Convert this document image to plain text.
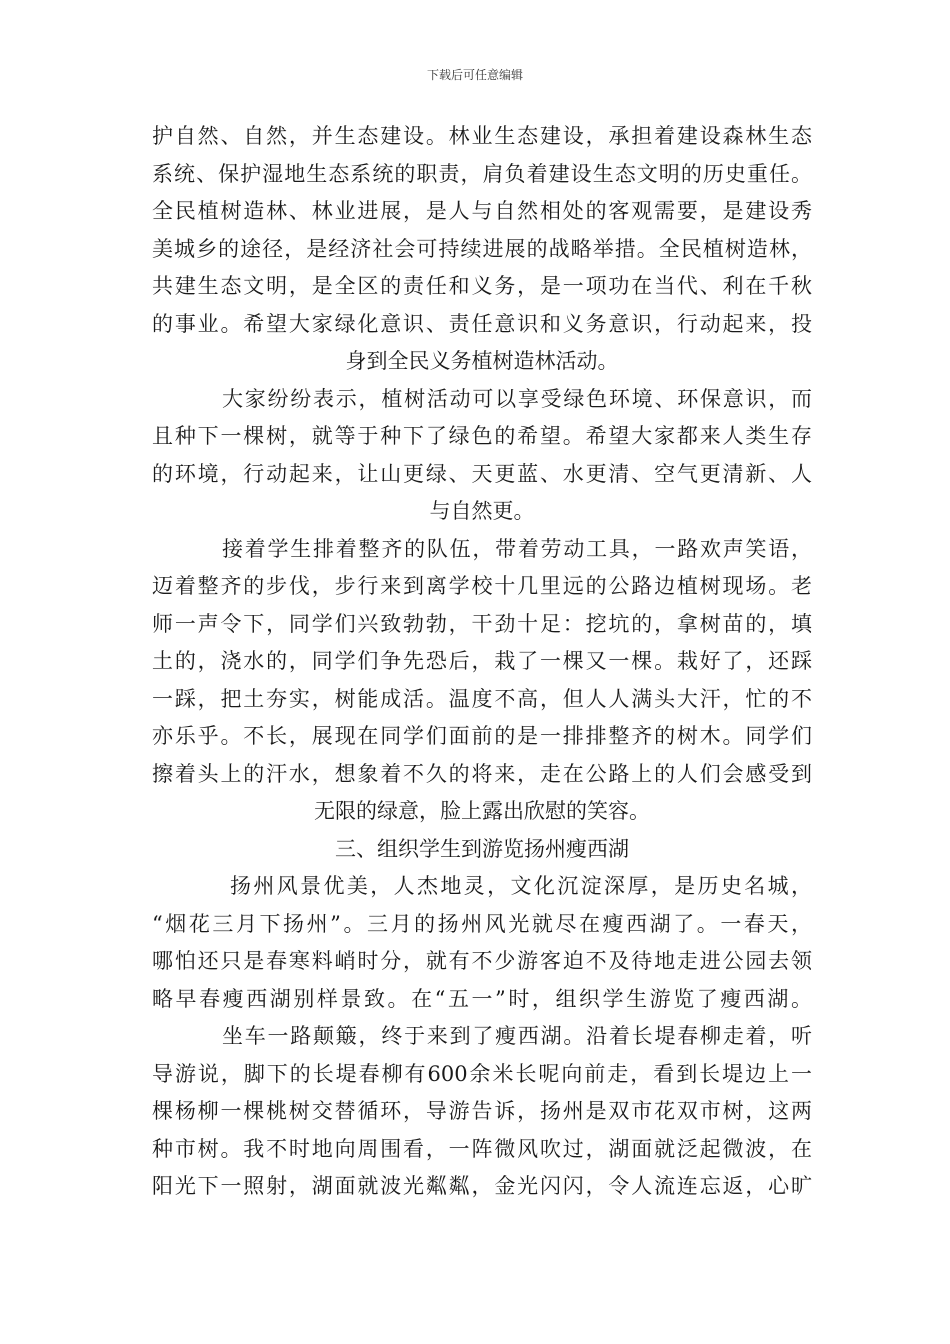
下载后可任意编辑
护自然、自然，并生态建设。林业生态建设，承担着建设森林生态
系统、保护湿地生态系统的职责，肩负着建设生态文明的历史重任。
全民植树造林、林业进展，是人与自然相处的客观需要，是建设秀
美城乡的途径，是经济社会可持续进展的战略举措。全民植树造林，
共建生态文明，是全区的责任和义务，是一项功在当代、利在千秋
的事业。希望大家绿化意识、责任意识和义务意识，行动起来，投
身到全民义务植树造林活动。
大家纷纷表示，植树活动可以享受绿色环境、环保意识，而
且种下一棵树，就等于种下了绿色的希望。希望大家都来人类生存
的环境，行动起来，让山更绿、天更蓝、水更清、空气更清新、人
与自然更。
接着学生排着整齐的队伍，带着劳动工具，一路欢声笑语，
迈着整齐的步伐，步行来到离学校十几里远的公路边植树现场。老
师一声令下，同学们兴致勃勃，干劲十足：挖坑的，拿树苗的，填
土的，浇水的，同学们争先恐后，栽了一棵又一棵。栽好了，还踩
一踩，把土夯实，树能成活。温度不高，但人人满头大汗，忙的不
亦乐乎。不长，展现在同学们面前的是一排排整齐的树木。同学们
擦着头上的汗水，想象着不久的将来，走在公路上的人们会感受到
无限的绿意，脸上露出欣慰的笑容。
三、组织学生到游览扬州瘦西湖
扬州风景优美，人杰地灵，文化沉淀深厚，是历史名城，
“烟花三月下扬州”。三月的扬州风光就尽在瘦西湖了。一春天，
哪怕还只是春寒料峭时分，就有不少游客迫不及待地走进公园去领
略早春瘦西湖别样景致。在“五一”时，组织学生游览了瘦西湖。
坐车一路颠簸，终于来到了瘦西湖。沿着长堤春柳走着，听
导游说，脚下的长堤春柳有600余米长呢向前走，看到长堤边上一
棵杨柳一棵桃树交替循环，导游告诉，扬州是双市花双市树，这两
种市树。我不时地向周围看，一阵微风吹过，湖面就泛起微波，在
阳光下一照射，湖面就波光粼粼，金光闪闪，令人流连忘返，心旷
